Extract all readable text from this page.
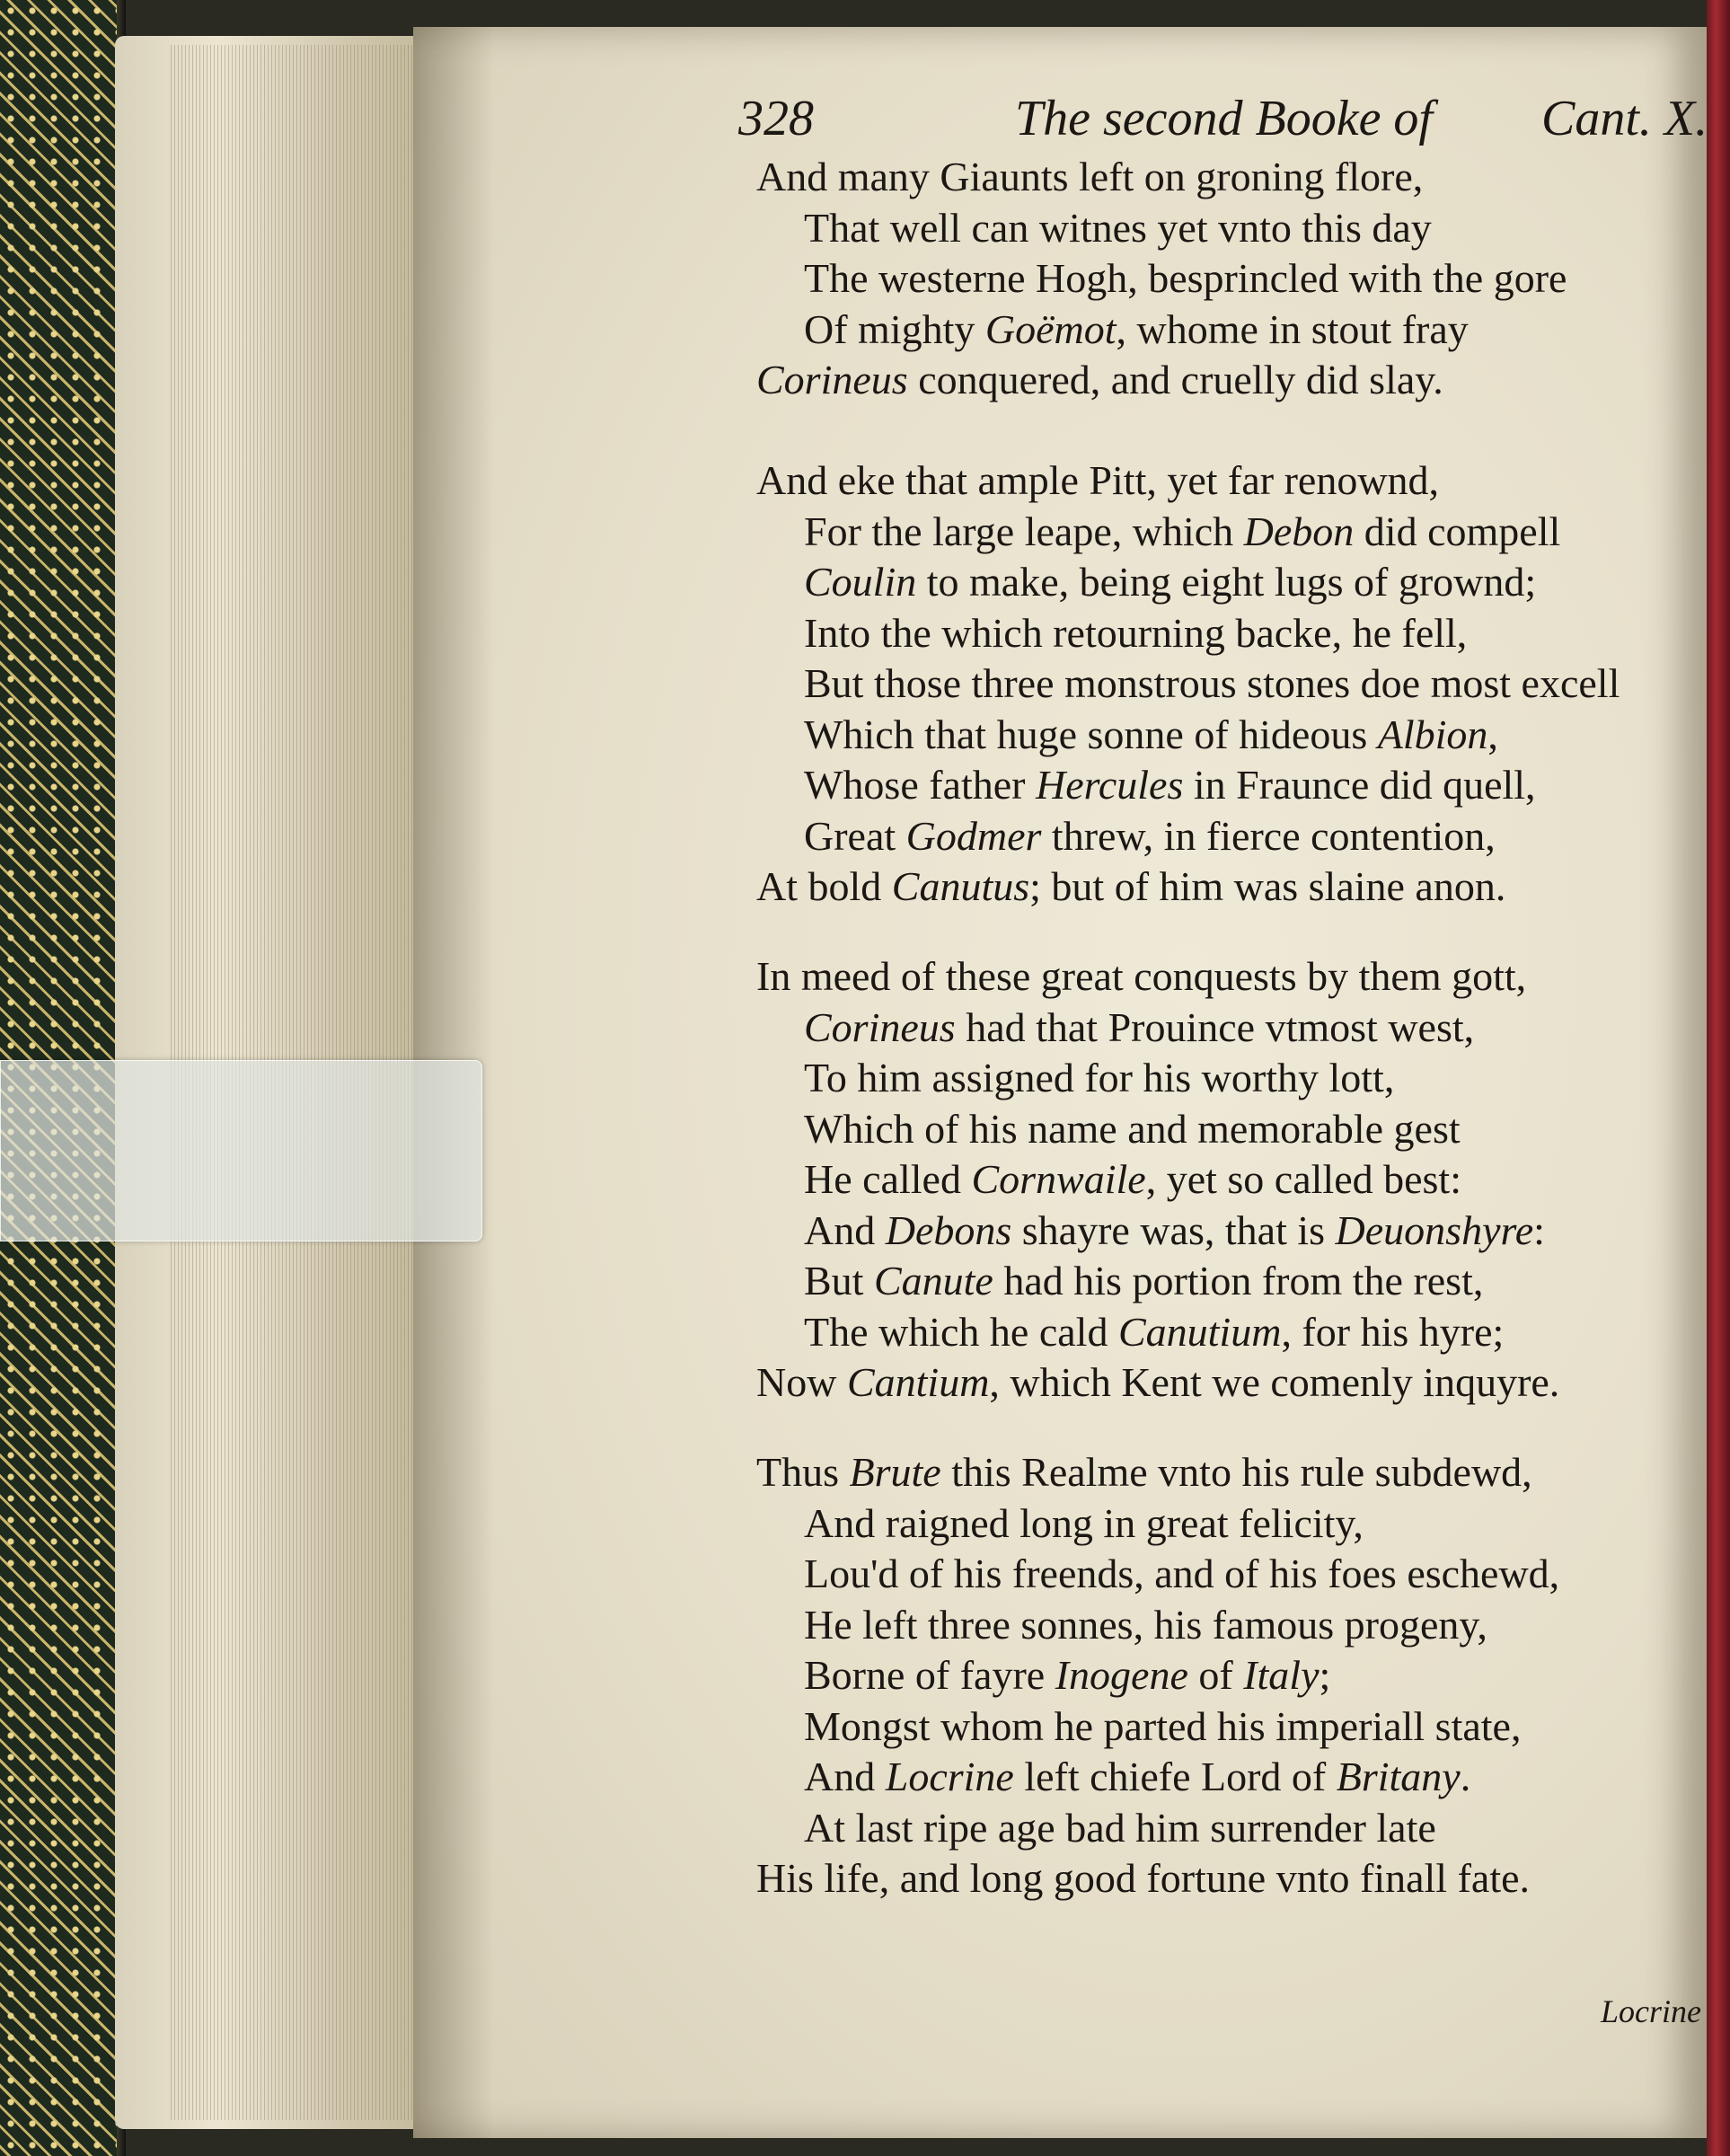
328	The second Booke of Cant. X.
And many Giaunts left on groning flore,
That well can witnes yet vnto this day
The westerne Hogh, besprincled with the gore
Of mighty Goëmot, whome in stout fray
Corineus conquered, and cruelly did slay.
And eke that ample Pitt, yet far renownd,
For the large leape, which Debon did compell
Coulin to make, being eight lugs of grownd;
Into the which retourning backe, he fell,
But those three monstrous stones doe most excell
Which that huge sonne of hideous Albion,
Whose father Hercules in Fraunce did quell,
Great Godmer threw, in fierce contention,
At bold Canutus; but of him was slaine anon.
In meed of these great conquests by them gott,
Corineus had that Prouince vtmost west,
To him assigned for his worthy lott,
Which of his name and memorable gest
He called Cornwaile, yet so called best:
And Debons shayre was, that is Deuonshyre:
But Canute had his portion from the rest,
The which he cald Canutium, for his hyre;
Now Cantium, which Kent we comenly inquyre.
Thus Brute this Realme vnto his rule subdewd,
And raigned long in great felicity,
Lou'd of his freends, and of his foes eschewd,
He left three sonnes, his famous progeny,
Borne of fayre Inogene of Italy;
Mongst whom he parted his imperiall state,
And Locrine left chiefe Lord of Britany.
At last ripe age bad him surrender late
His life, and long good fortune vnto finall fate.
Locrine
